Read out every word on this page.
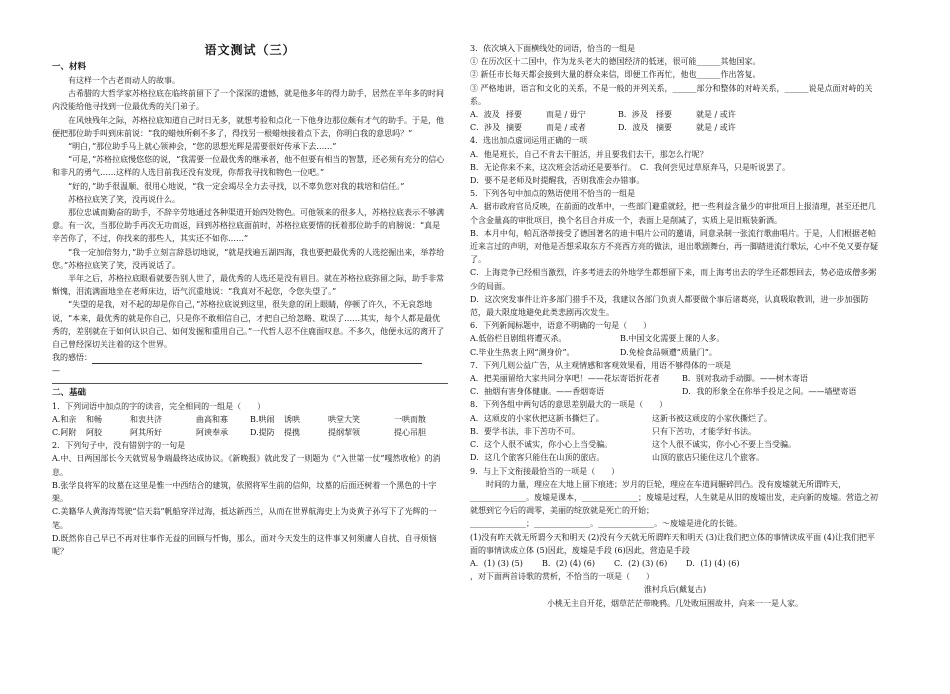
语文测试（三）
一、材料

有这样一个古老而动人的故事。

古希腊的大哲学家苏格拉底在临终前留下了一个深深的遗憾，就是他多年的得力助手，居然在半年多的时间内没能给他寻找到一位最优秀的关门弟子。

在风烛残年之际，苏格拉底知道自己时日无多，就想考验和点化一下他身边那位颇有才气的助手。于是，他便把那位助手叫到床前说：“我的蜡烛所剩不多了，得找另一根蜡烛接着点下去，你明白我的意思吗？”

“明白，”那位助手马上就心领神会，“您的思想光辉是需要很好传承下去……”

“可是，”苏格拉底慢悠悠的说，“我需要一位最优秀的继承者，他不但要有相当的智慧，还必须有充分的信心和非凡的勇气……这样的人选目前我还没有发现，你帮我寻找和物色一位吧。”

“好的，”助手很温顺、很用心地说，“我一定会竭尽全力去寻找，以不辜负您对我的栽培和信任。”

苏格拉底笑了笑，没再说什么。

那位忠诚而勤奋的助手，不辞辛劳地通过各种渠道开始四处物色。可他领来的很多人，苏格拉底表示不够满意。有一次，当那位助手再次无功而返，回到苏格拉底面前时，苏格拉底要惜的抚着那位助手的肩膀说：“真是辛苦你了，不过，你找来的那些人，其实还不如你……”

“我一定加倍努力，”助手立刻言辞恳切地说，“就是找遍五湖四海，我也要把最优秀的人选挖掘出来，举荐给您。”苏格拉底笑了笑，没再说话了。

半年之后，苏格拉底眼看就要告别人世了，最优秀的人选还是没有眉目。就在苏格拉底弥留之际，助手非常惭愧，泪流满面地坐在老师床边，语气沉重地说：“我真对不起您，令您失望了。”

“失望的是我，对不起的却是你自己，”苏格拉底说到这里，很失意的闭上眼睛，停顿了许久，不无哀怨地说，“本来，最优秀的就是你自己，只是你不敢相信自己，才把自己给忽略、耽误了……其实，每个人都是最优秀的，差别就在于如何认识自己、如何发掘和重用自己。”一代哲人忍不住鹿面叹息。不多久，他便永远的离开了自己曾经深切关注着的这个世界。

我的感悟：

—

二、基础

1．下列词语中加点的字的读音，完全相同的一组是（　　）

A.和亲	和畅	和衷共济	曲高和寡	B.哄闹	诱哄	哄堂大笑	一哄而散
C.阿附	阿胶	阿其所好	阿谀奉承	D.提防	提携	提纲挈领	提心吊胆

2．下列句子中，没有错别字的一句是

A.中、日两国部长今天就贸易争端最终达成协议。《新晚报》就此发了一则题为《“入世第一仗”嘎然收枪》的消息。

B.张学良将军的坟墓在这里是惟一中西结合的建筑，依照将军生前的信仰，坟墓的后面还树着一个黑色的十字架。

C.美籍华人黄海涛驾驶“信天翁”帆船穿洋过海，抵达新西兰，从而在世界航海史上为炎黄子孙写下了光辉的一笔。

D.既然你自己早已不再对往事作无益的回顾与忏悔，那么，面对今天发生的这件事又何须庸人自扰、自寻烦恼呢？

3．依次填入下面横线处的词语，恰当的一组是

① 在历次区十二国中，作为龙头老大的德国经济的低迷，很可能______其他国家。

② 新任市长每天都会接到大量的群众来信，即便工作再忙，他也______作出答复。

③ 严格地讲，语言和文化的关系，不是一般的并列关系，______部分和整体的对峙关系，______说是点面对峙的关系。

A．波及 择要	而是 / 毋宁	B．涉及	择要	就是 / 或许
C．涉及 摘要	而是 / 或者	D．波及 摘要	就是 / 或许

4．选出加点虚词运用正确的一项

A．他是班长，自己不肯去干脏活，并且要我们去干，那怎么行呢？

B．无论你来不来，这次班会活动还是要举行。　C．我何尝见过草原奔马，只是听说罢了。

D．要不是老师及时提醒我，否则我准会办错事。

5．下列各句中加点的熟语使用不恰当的一组是

A．据市政府官员反映，在前面的改革中，一些部门避重就轻，把一些利益含量少的审批项目上报清理，甚至还把几个含金量高的审批项目，换个名目合并成一个，表面上是削减了，实质上是旧瓶装新酒。

B．本月中旬，帕瓦洛蒂接受了德国著名的迪卡唱片公司的邀请，同意录制一张流行歌曲唱片。于是，人们根据老帕近来言过的声明，对他是否想采取东方不亮西方亮的做法，退出歌剧舞台，再一脚踏进流行歌坛，心中不免又要存疑了。

C．上海竞争已经相当激烈，许多考进去的外地学生都想留下来，而上海考出去的学生还都想回去，势必造成僧多粥少的局面。

D．这次突发事件让许多部门措手不及，我建议各部门负责人都要做个事后诸葛亮，认真吸取教训，进一步加强防范，最大限度地避免此类悲剧再次发生。

6．下列新闻标题中，语意不明确的一句是（　　）

A.低俗栏目剧组将遭灭杀。	B.中国文化需要上课的人多。
C.毕业生热衷上网“测身价”。	D.免检食品频遭“质量门”。

7．下列几则公益广告，从主观情感和客观效果看，用语不够得体的一项是

A．把美丽留给大家共同分享吧！——花坛寄语折花者	B．别对我动手动脚。——树木寄语
C．抽烟有害身体健康。——香烟寄语	D．我的形象全在你举手投足之间。——墙壁寄语

8．下列各组中两句话的意思差别最大的一项是（　　）

A．这顽皮的小家伙把这新书撕烂了。	这新书被这顽皮的小家伙撕烂了。
B．要学书法，非下苦功不可。	只有下苦功，才能学好书法。
C．这个人很不诚实，你小心上当受骗。	这个人很不诚实，你小心不要上当受骗。
D．这几个旅客只能住在山顶的旅店。	山顶的旅店只能住这几个旅客。

9．与上下文衔接最恰当的一项是（　　）

时间的力量，理应在大地上留下痕迹；岁月的巨轮，理应在车道间辗碎凹凸。没有废墟就无所谓昨天，

______________。废墟是课本，______________；废墟是过程，人生就是从旧的废墟出发，走向新的废墟。营造之初就想到它今后的凋零，美丽的绽放就是死亡的开始；

______________；______________。______________。～废墟是进化的长链。

(1)没有昨天就无所谓今天和明天 (2)没有今天就无所谓昨天和明天 (3)让我们把立体的事情读成平面 (4)让我们把平面的事情读成立体 (5)因此，废墟是手段 (6)因此，营造是手段

A．(1) (3) (5)	B．(2) (4) (6)	C．(2) (3) (6)	D．(1) (4) (6)

，对下面两首诗歌的赏析，不恰当的一项是（　　）

淮村兵后(戴复古)

小桃无主自开花，烟草茫茫带晚鸦。几处败垣围故井，向来一一是人家。
